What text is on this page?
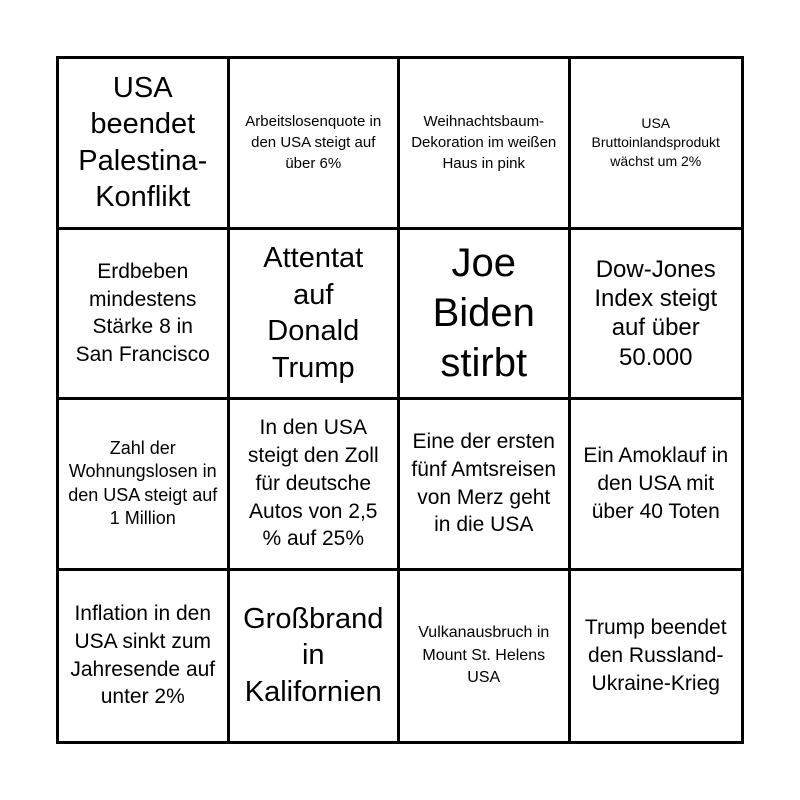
USA beendet Palestina-Konflikt
Arbeitslosenquote in den USA steigt auf über 6%
Weihnachtsbaum-Dekoration im weißen Haus in pink
USA Bruttoinlandsprodukt wächst um 2%
Erdbeben mindestens Stärke 8 in San Francisco
Attentat auf Donald Trump
Joe Biden stirbt
Dow-Jones Index steigt auf über 50.000
Zahl der Wohnungslosen in den USA steigt auf 1 Million
In den USA steigt den Zoll für deutsche Autos von 2,5 % auf 25%
Eine der ersten fünf Amtsreisen von Merz geht in die USA
Ein Amoklauf in den USA mit über 40 Toten
Inflation in den USA sinkt zum Jahresende auf unter 2%
Großbrand in Kalifornien
Vulkanausbruch in Mount St. Helens USA
Trump beendet den Russland-Ukraine-Krieg
